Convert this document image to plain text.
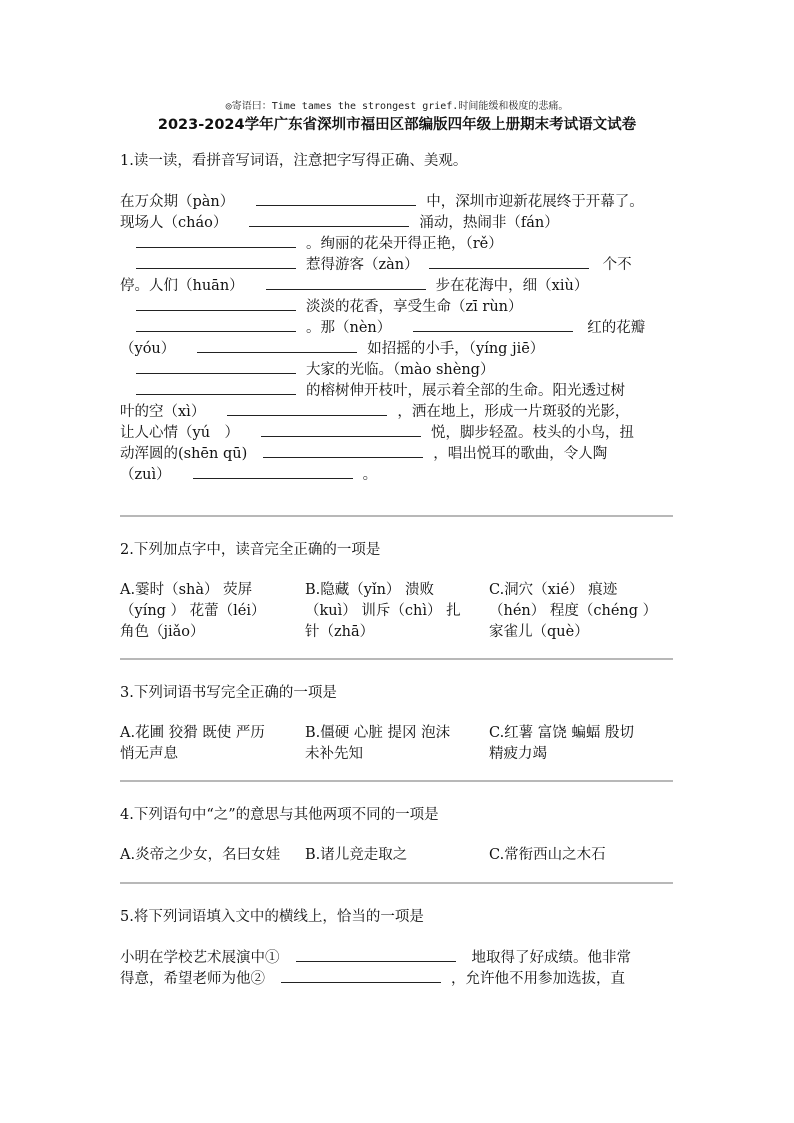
◎寄语曰：Time tames the strongest grief.时间能缓和极度的悲痛。
2023-2024学年广东省深圳市福田区部编版四年级上册期末考试语文试卷
1.读一读，看拼音写词语，注意把字写得正确、美观。
在万众期（pàn）	中，深圳市迎新花展终于开幕了。
现场人（cháo）	涌动，热闹非（fán）
。绚丽的花朵开得正艳，（rě）
惹得游客（zàn）	个不
停。人们（huān）	步在花海中，细（xiù）
淡淡的花香，享受生命（zī rùn）
。那（nèn）	红的花瓣
（yóu）	如招摇的小手，（yíng jiē）
大家的光临。（mào shèng）
的榕树伸开枝叶，展示着全部的生命。阳光透过树
叶的空（xì）	，洒在地上，形成一片斑驳的光影，
让人心情（yú　）	悦，脚步轻盈。枝头的小鸟，扭
动浑圆的(shēn qū)	，唱出悦耳的歌曲，令人陶
（zuì）	。
2.下列加点字中，读音完全正确的一项是
A.霎时（shà） 荧屏
（yíng ） 花蕾（léi）
角色（jiǎo）
B.隐藏（yǐn） 溃败
（kuì） 训斥（chì） 扎
针（zhā）
C.洞穴（xié） 痕迹
（hén） 程度（chéng ）
家雀儿（què）
3.下列词语书写完全正确的一项是
A.花圃 狡猾 既使 严历
悄无声息
B.僵硬 心脏 提冈 泡沫
未补先知
C.红薯 富饶 蝙蝠 殷切
精疲力竭
4.下列语句中“之”的意思与其他两项不同的一项是
A.炎帝之少女，名曰女娃 B.诸儿竞走取之	C.常衔西山之木石
5.将下列词语填入文中的横线上，恰当的一项是
小明在学校艺术展演中①	地取得了好成绩。他非常
得意，希望老师为他②	，允许他不用参加选拔，直
